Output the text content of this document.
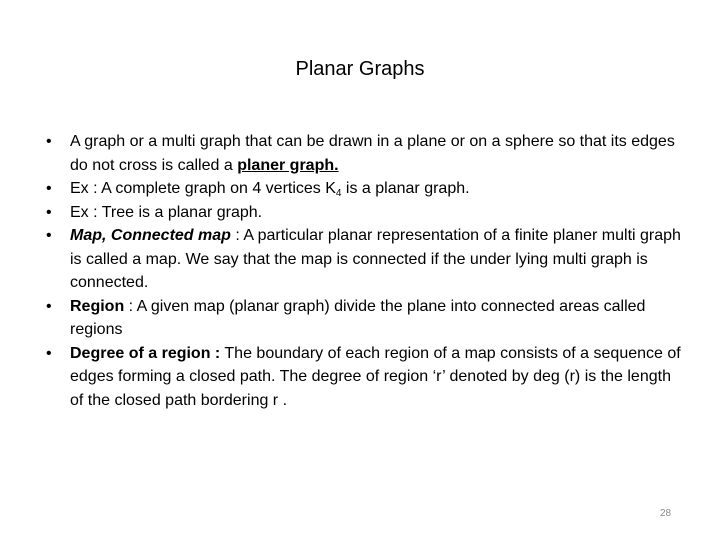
Planar Graphs
•	A graph or a multi graph that can be drawn in a plane or on a sphere so that its edges do not cross is called a planer graph.
•	Ex : A complete graph on 4 vertices $K_4$ is a planar graph.
•	Ex : Tree is a planar graph.
•	Map, Connected map : A particular planar representation of a finite planer multi graph is called a map. We say that the map is connected if the under lying multi graph is connected.
•	Region : A given map (planar graph) divide the plane into connected areas called regions
•	Degree of a region : The boundary of each region of a map consists of a sequence of edges forming a closed path. The degree of region ‘r’ denoted by deg (r) is the length of the closed path bordering r .
28
